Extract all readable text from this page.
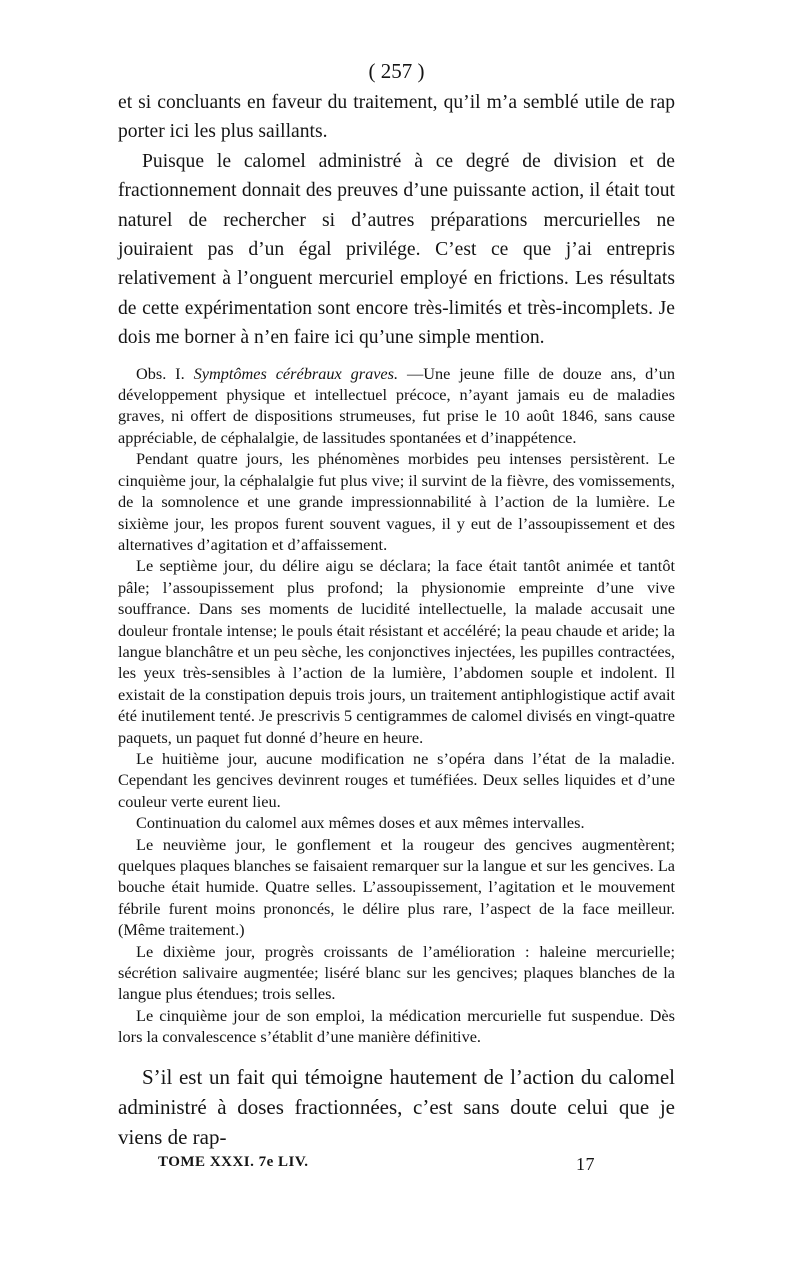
( 257 )

et si concluants en faveur du traitement, qu’il m’a semblé utile de rap porter ici les plus saillants.

Puisque le calomel administré à ce degré de division et de fractionnement donnait des preuves d’une puissante action, il était tout naturel de rechercher si d’autres préparations mercurielles ne jouiraient pas d’un égal privilége. C’est ce que j’ai entrepris relativement à l’onguent mercuriel employé en frictions. Les résultats de cette expérimentation sont encore très-limités et très-incomplets. Je dois me borner à n’en faire ici qu’une simple mention.

Obs. I. Symptômes cérébraux graves. —Une jeune fille de douze ans, d’un développement physique et intellectuel précoce, n’ayant jamais eu de maladies graves, ni offert de dispositions strumeuses, fut prise le 10 août 1846, sans cause appréciable, de céphalalgie, de lassitudes spontanées et d’inappétence.

Pendant quatre jours, les phénomènes morbides peu intenses persistèrent. Le cinquième jour, la céphalalgie fut plus vive; il survint de la fièvre, des vomissements, de la somnolence et une grande impressionnabilité à l’action de la lumière. Le sixième jour, les propos furent souvent vagues, il y eut de l’assoupissement et des alternatives d’agitation et d’affaissement.

Le septième jour, du délire aigu se déclara; la face était tantôt animée et tantôt pâle; l’assoupissement plus profond; la physionomie empreinte d’une vive souffrance. Dans ses moments de lucidité intellectuelle, la malade accusait une douleur frontale intense; le pouls était résistant et accéléré; la peau chaude et aride; la langue blanchâtre et un peu sèche, les conjonctives injectées, les pupilles contractées, les yeux très-sensibles à l’action de la lumière, l’abdomen souple et indolent. Il existait de la constipation depuis trois jours, un traitement antiphlogistique actif avait été inutilement tenté. Je prescrivis 5 centigrammes de calomel divisés en vingt-quatre paquets, un paquet fut donné d’heure en heure.

Le huitième jour, aucune modification ne s’opéra dans l’état de la maladie. Cependant les gencives devinrent rouges et tuméfiées. Deux selles liquides et d’une couleur verte eurent lieu.

Continuation du calomel aux mêmes doses et aux mêmes intervalles.

Le neuvième jour, le gonflement et la rougeur des gencives augmentèrent; quelques plaques blanches se faisaient remarquer sur la langue et sur les gencives. La bouche était humide. Quatre selles. L’assoupissement, l’agitation et le mouvement fébrile furent moins prononcés, le délire plus rare, l’aspect de la face meilleur. (Même traitement.)

Le dixième jour, progrès croissants de l’amélioration : haleine mercurielle; sécrétion salivaire augmentée; liséré blanc sur les gencives; plaques blanches de la langue plus étendues; trois selles.

Le cinquième jour de son emploi, la médication mercurielle fut suspendue. Dès lors la convalescence s’établit d’une manière définitive.

S’il est un fait qui témoigne hautement de l’action du calomel administré à doses fractionnées, c’est sans doute celui que je viens de rap-

TOME XXXI. 7e LIV.	17
